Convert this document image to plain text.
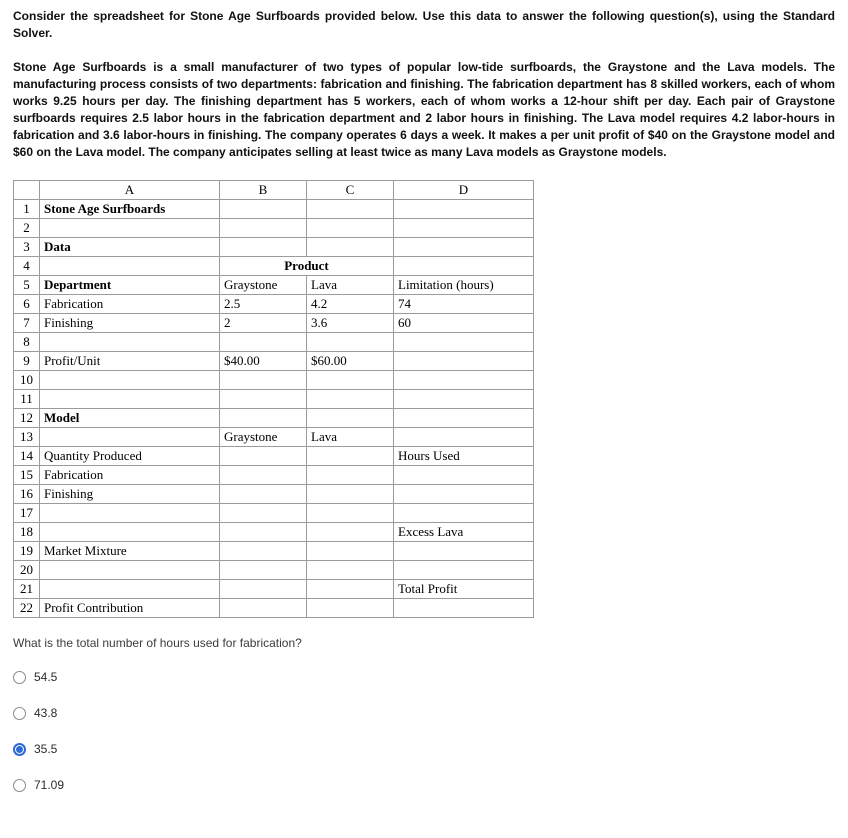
Consider the spreadsheet for Stone Age Surfboards provided below. Use this data to answer the following question(s), using the Standard Solver.

Stone Age Surfboards is a small manufacturer of two types of popular low-tide surfboards, the Graystone and the Lava models. The manufacturing process consists of two departments: fabrication and finishing. The fabrication department has 8 skilled workers, each of whom works 9.25 hours per day. The finishing department has 5 workers, each of whom works a 12-hour shift per day. Each pair of Graystone surfboards requires 2.5 labor hours in the fabrication department and 2 labor hours in finishing. The Lava model requires 4.2 labor-hours in fabrication and 3.6 labor-hours in finishing. The company operates 6 days a week. It makes a per unit profit of $40 on the Graystone model and $60 on the Lava model. The company anticipates selling at least twice as many Lava models as Graystone models.

	A	B	C	D
1	Stone Age Surfboards			
2				
3	Data			
4		Product		
5	Department	Graystone	Lava	Limitation (hours)
6	Fabrication	2.5	4.2	74
7	Finishing	2	3.6	60
8				
9	Profit/Unit	$40.00	$60.00	
10				
11				
12	Model			
13		Graystone	Lava	
14	Quantity Produced			Hours Used
15	Fabrication			
16	Finishing			
17				
18				Excess Lava
19	Market Mixture			
20				
21				Total Profit
22	Profit Contribution			

What is the total number of hours used for fabrication?

54.5
43.8
35.5
71.09
